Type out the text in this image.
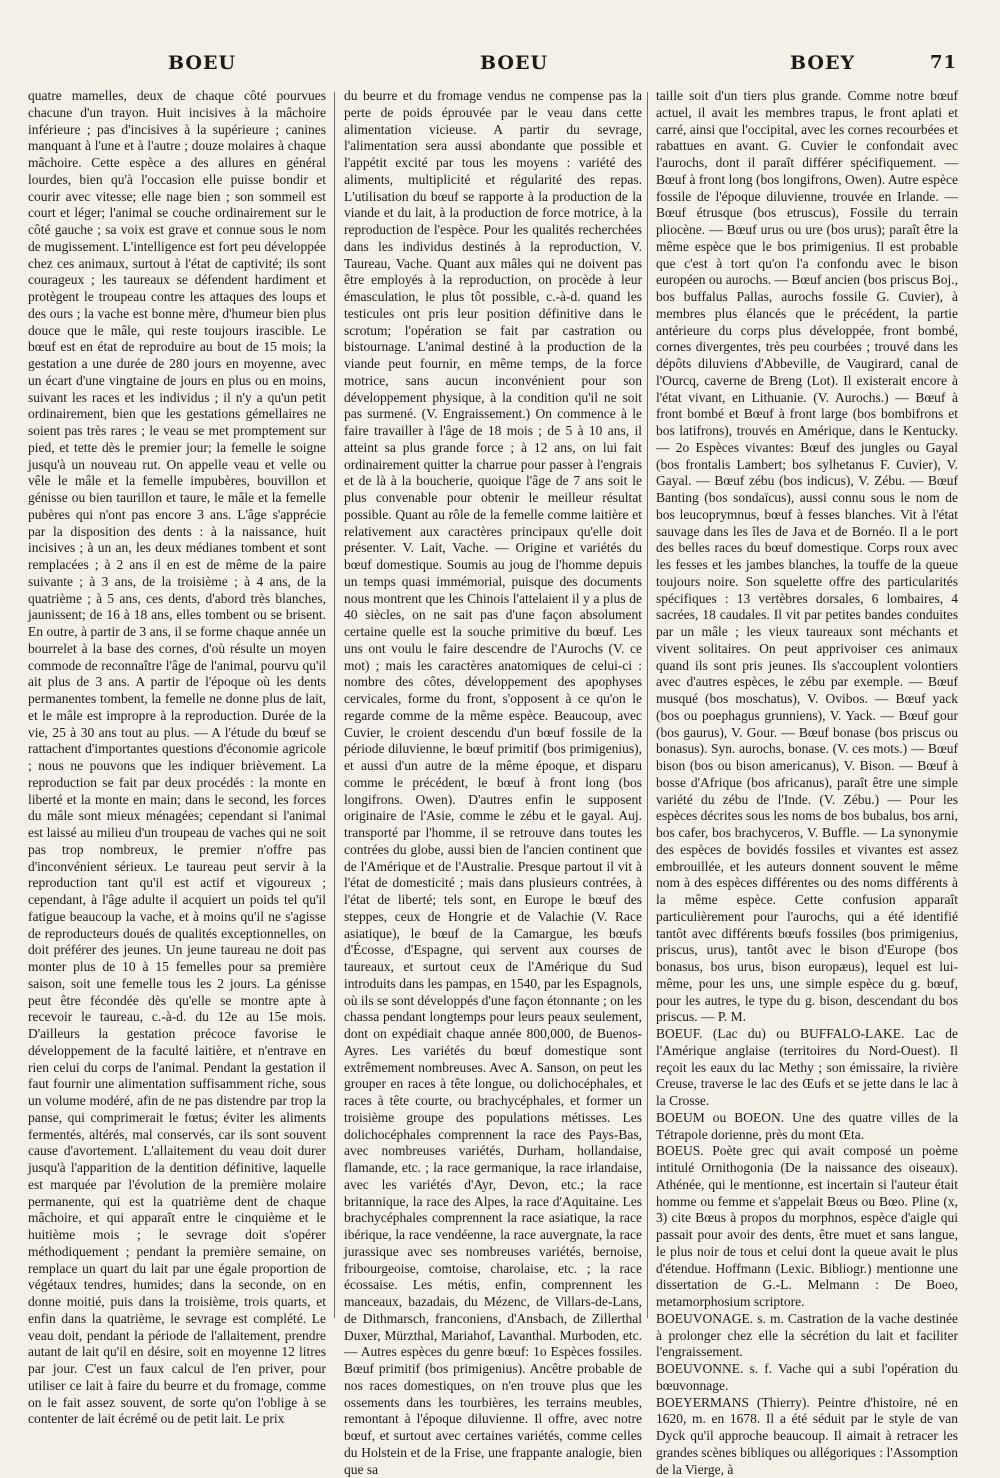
BOEU	BOEU	BOEY	71

quatre mamelles, deux de chaque côté pourvues chacune d'un trayon. Huit incisives à la mâchoire inférieure ; pas d'incisives à la supérieure ; canines manquant à l'une et à l'autre ; douze molaires à chaque mâchoire. Cette espèce a des allures en général lourdes, bien qu'à l'occasion elle puisse bondir et courir avec vitesse; elle nage bien ; son sommeil est court et léger; l'animal se couche ordinairement sur le côté gauche ; sa voix est grave et connue sous le nom de mugissement. L'intelligence est fort peu développée chez ces animaux, surtout à l'état de captivité; ils sont courageux ; les taureaux se défendent hardiment et protègent le troupeau contre les attaques des loups et des ours ; la vache est bonne mère, d'humeur bien plus douce que le mâle, qui reste toujours irascible. Le bœuf est en état de reproduire au bout de 15 mois; la gestation a une durée de 280 jours en moyenne, avec un écart d'une vingtaine de jours en plus ou en moins, suivant les races et les individus ; il n'y a qu'un petit ordinairement, bien que les gestations gémellaires ne soient pas très rares ; le veau se met promptement sur pied, et tette dès le premier jour; la femelle le soigne jusqu'à un nouveau rut. On appelle veau et velle ou vêle le mâle et la femelle impubères, bouvillon et génisse ou bien taurillon et taure, le mâle et la femelle pubères qui n'ont pas encore 3 ans. L'âge s'apprécie par la disposition des dents : à la naissance, huit incisives ; à un an, les deux médianes tombent et sont remplacées ; à 2 ans il en est de même de la paire suivante ; à 3 ans, de la troisième ; à 4 ans, de la quatrième ; à 5 ans, ces dents, d'abord très blanches, jaunissent; de 16 à 18 ans, elles tombent ou se brisent. En outre, à partir de 3 ans, il se forme chaque année un bourrelet à la base des cornes, d'où résulte un moyen commode de reconnaître l'âge de l'animal, pourvu qu'il ait plus de 3 ans. A partir de l'époque où les dents permanentes tombent, la femelle ne donne plus de lait, et le mâle est impropre à la reproduction. Durée de la vie, 25 à 30 ans tout au plus. — A l'étude du bœuf se rattachent d'importantes questions d'économie agricole ; nous ne pouvons que les indiquer brièvement. La reproduction se fait par deux procédés : la monte en liberté et la monte en main; dans le second, les forces du mâle sont mieux ménagées; cependant si l'animal est laissé au milieu d'un troupeau de vaches qui ne soit pas trop nombreux, le premier n'offre pas d'inconvénient sérieux. Le taureau peut servir à la reproduction tant qu'il est actif et vigoureux ; cependant, à l'âge adulte il acquiert un poids tel qu'il fatigue beaucoup la vache, et à moins qu'il ne s'agisse de reproducteurs doués de qualités exceptionnelles, on doit préférer des jeunes. Un jeune taureau ne doit pas monter plus de 10 à 15 femelles pour sa première saison, soit une femelle tous les 2 jours. La génisse peut être fécondée dès qu'elle se montre apte à recevoir le taureau, c.-à-d. du 12e au 15e mois. D'ailleurs la gestation précoce favorise le développement de la faculté laitière, et n'entrave en rien celui du corps de l'animal. Pendant la gestation il faut fournir une alimentation suffisamment riche, sous un volume modéré, afin de ne pas distendre par trop la panse, qui comprimerait le fœtus; éviter les aliments fermentés, altérés, mal conservés, car ils sont souvent cause d'avortement. L'allaitement du veau doit durer jusqu'à l'apparition de la dentition définitive, laquelle est marquée par l'évolution de la première molaire permanente, qui est la quatrième dent de chaque mâchoire, et qui apparaît entre le cinquième et le huitième mois ; le sevrage doit s'opérer méthodiquement ; pendant la première semaine, on remplace un quart du lait par une égale proportion de végétaux tendres, humides; dans la seconde, on en donne moitié, puis dans la troisième, trois quarts, et enfin dans la quatrième, le sevrage est complété. Le veau doit, pendant la période de l'allaitement, prendre autant de lait qu'il en désire, soit en moyenne 12 litres par jour. C'est un faux calcul de l'en priver, pour utiliser ce lait à faire du beurre et du fromage, comme on le fait assez souvent, de sorte qu'on l'oblige à se contenter de lait écrémé ou de petit lait. Le prix

du beurre et du fromage vendus ne compense pas la perte de poids éprouvée par le veau dans cette alimentation vicieuse. A partir du sevrage, l'alimentation sera aussi abondante que possible et l'appétit excité par tous les moyens : variété des aliments, multiplicité et régularité des repas. L'utilisation du bœuf se rapporte à la production de la viande et du lait, à la production de force motrice, à la reproduction de l'espèce. Pour les qualités recherchées dans les individus destinés à la reproduction, V. Taureau, Vache. Quant aux mâles qui ne doivent pas être employés à la reproduction, on procède à leur émasculation, le plus tôt possible, c.-à-d. quand les testicules ont pris leur position définitive dans le scrotum; l'opération se fait par castration ou bistournage. L'animal destiné à la production de la viande peut fournir, en même temps, de la force motrice, sans aucun inconvénient pour son développement physique, à la condition qu'il ne soit pas surmené. (V. Engraissement.) On commence à le faire travailler à l'âge de 18 mois ; de 5 à 10 ans, il atteint sa plus grande force ; à 12 ans, on lui fait ordinairement quitter la charrue pour passer à l'engrais et de là à la boucherie, quoique l'âge de 7 ans soit le plus convenable pour obtenir le meilleur résultat possible. Quant au rôle de la femelle comme laitière et relativement aux caractères principaux qu'elle doit présenter. V. Lait, Vache. — Origine et variétés du bœuf domestique. Soumis au joug de l'homme depuis un temps quasi immémorial, puisque des documents nous montrent que les Chinois l'attelaient il y a plus de 40 siècles, on ne sait pas d'une façon absolument certaine quelle est la souche primitive du bœuf. Les uns ont voulu le faire descendre de l'Aurochs (V. ce mot) ; mais les caractères anatomiques de celui-ci : nombre des côtes, développement des apophyses cervicales, forme du front, s'opposent à ce qu'on le regarde comme de la même espèce. Beaucoup, avec Cuvier, le croient descendu d'un bœuf fossile de la période diluvienne, le bœuf primitif (bos primigenius), et aussi d'un autre de la même époque, et disparu comme le précédent, le bœuf à front long (bos longifrons. Owen). D'autres enfin le supposent originaire de l'Asie, comme le zébu et le gayal. Auj. transporté par l'homme, il se retrouve dans toutes les contrées du globe, aussi bien de l'ancien continent que de l'Amérique et de l'Australie. Presque partout il vit à l'état de domesticité ; mais dans plusieurs contrées, à l'état de liberté; tels sont, en Europe le bœuf des steppes, ceux de Hongrie et de Valachie (V. Race asiatique), le bœuf de la Camargue, les bœufs d'Écosse, d'Espagne, qui servent aux courses de taureaux, et surtout ceux de l'Amérique du Sud introduits dans les pampas, en 1540, par les Espagnols, où ils se sont développés d'une façon étonnante ; on les chassa pendant longtemps pour leurs peaux seulement, dont on expédiait chaque année 800,000, de Buenos-Ayres. Les variétés du bœuf domestique sont extrêmement nombreuses. Avec A. Sanson, on peut les grouper en races à tête longue, ou dolichocéphales, et races à tête courte, ou brachycéphales, et former un troisième groupe des populations métisses. Les dolichocéphales comprennent la race des Pays-Bas, avec nombreuses variétés, Durham, hollandaise, flamande, etc. ; la race germanique, la race irlandaise, avec les variétés d'Ayr, Devon, etc.; la race britannique, la race des Alpes, la race d'Aquitaine. Les brachycéphales comprennent la race asiatique, la race ibérique, la race vendéenne, la race auvergnate, la race jurassique avec ses nombreuses variétés, bernoise, fribourgeoise, comtoise, charolaise, etc. ; la race écossaise. Les métis, enfin, comprennent les manceaux, bazadais, du Mézenc, de Villars-de-Lans, de Dithmarsch, franconiens, d'Ansbach, de Zillerthal Duxer, Mürzthal, Mariahof, Lavanthal. Murboden, etc. — Autres espèces du genre bœuf: 1o Espèces fossiles. Bœuf primitif (bos primigenius). Ancêtre probable de nos races domestiques, on n'en trouve plus que les ossements dans les tourbières, les terrains meubles, remontant à l'époque diluvienne. Il offre, avec notre bœuf, et surtout avec certaines variétés, comme celles du Holstein et de la Frise, une frappante analogie, bien que sa

taille soit d'un tiers plus grande. Comme notre bœuf actuel, il avait les membres trapus, le front aplati et carré, ainsi que l'occipital, avec les cornes recourbées et rabattues en avant. G. Cuvier le confondait avec l'aurochs, dont il paraît différer spécifiquement. — Bœuf à front long (bos longifrons, Owen). Autre espèce fossile de l'époque diluvienne, trouvée en Irlande. — Bœuf étrusque (bos etruscus), Fossile du terrain pliocène. — Bœuf urus ou ure (bos urus); paraît être la même espèce que le bos primigenius. Il est probable que c'est à tort qu'on l'a confondu avec le bison européen ou aurochs. — Bœuf ancien (bos priscus Boj., bos buffalus Pallas, aurochs fossile G. Cuvier), à membres plus élancés que le précédent, la partie antérieure du corps plus développée, front bombé, cornes divergentes, très peu courbées ; trouvé dans les dépôts diluviens d'Abbeville, de Vaugirard, canal de l'Ourcq, caverne de Breng (Lot). Il existerait encore à l'état vivant, en Lithuanie. (V. Aurochs.) — Bœuf à front bombé et Bœuf à front large (bos bombifrons et bos latifrons), trouvés en Amérique, dans le Kentucky. — 2o Espèces vivantes: Bœuf des jungles ou Gayal (bos frontalis Lambert; bos sylhetanus F. Cuvier), V. Gayal. — Bœuf zébu (bos indicus), V. Zébu. — Bœuf Banting (bos sondaïcus), aussi connu sous le nom de bos leucoprymnus, bœuf à fesses blanches. Vit à l'état sauvage dans les îles de Java et de Bornéo. Il a le port des belles races du bœuf domestique. Corps roux avec les fesses et les jambes blanches, la touffe de la queue toujours noire. Son squelette offre des particularités spécifiques : 13 vertèbres dorsales, 6 lombaires, 4 sacrées, 18 caudales. Il vit par petites bandes conduites par un mâle ; les vieux taureaux sont méchants et vivent solitaires. On peut apprivoiser ces animaux quand ils sont pris jeunes. Ils s'accouplent volontiers avec d'autres espèces, le zébu par exemple. — Bœuf musqué (bos moschatus), V. Ovibos. — Bœuf yack (bos ou poephagus grunniens), V. Yack. — Bœuf gour (bos gaurus), V. Gour. — Bœuf bonase (bos priscus ou bonasus). Syn. aurochs, bonase. (V. ces mots.) — Bœuf bison (bos ou bison americanus), V. Bison. — Bœuf à bosse d'Afrique (bos africanus), paraît être une simple variété du zébu de l'Inde. (V. Zébu.) — Pour les espèces décrites sous les noms de bos bubalus, bos arni, bos cafer, bos brachyceros, V. Buffle. — La synonymie des espèces de bovidés fossiles et vivantes est assez embrouillée, et les auteurs donnent souvent le même nom à des espèces différentes ou des noms différents à la même espèce. Cette confusion apparaît particulièrement pour l'aurochs, qui a été identifié tantôt avec différents bœufs fossiles (bos primigenius, priscus, urus), tantôt avec le bison d'Europe (bos bonasus, bos urus, bison europæus), lequel est lui-même, pour les uns, une simple espèce du g. bœuf, pour les autres, le type du g. bison, descendant du bos priscus. — P. M.

BOEUF. (Lac du) ou BUFFALO-LAKE. Lac de l'Amérique anglaise (territoires du Nord-Ouest). Il reçoit les eaux du lac Methy ; son émissaire, la rivière Creuse, traverse le lac des Œufs et se jette dans le lac à la Crosse.

BOEUM ou BOEON. Une des quatre villes de la Tétrapole dorienne, près du mont Œta.

BOEUS. Poète grec qui avait composé un poème intitulé Ornithogonia (De la naissance des oiseaux). Athénée, qui le mentionne, est incertain si l'auteur était homme ou femme et s'appelait Bœus ou Bœo. Pline (x, 3) cite Bœus à propos du morphnos, espèce d'aigle qui passait pour avoir des dents, être muet et sans langue, le plus noir de tous et celui dont la queue avait le plus d'étendue. Hoffmann (Lexic. Bibliogr.) mentionne une dissertation de G.-L. Melmann : De Boeo, metamorphosium scriptore.

BOEUVONAGE. s. m. Castration de la vache destinée à prolonger chez elle la sécrétion du lait et faciliter l'engraissement.

BOEUVONNE. s. f. Vache qui a subi l'opération du bœuvonnage.

BOEYERMANS (Thierry). Peintre d'histoire, né en 1620, m. en 1678. Il a été séduit par le style de van Dyck qu'il approche beaucoup. Il aimait à retracer les grandes scènes bibliques ou allégoriques : l'Assomption de la Vierge, à
